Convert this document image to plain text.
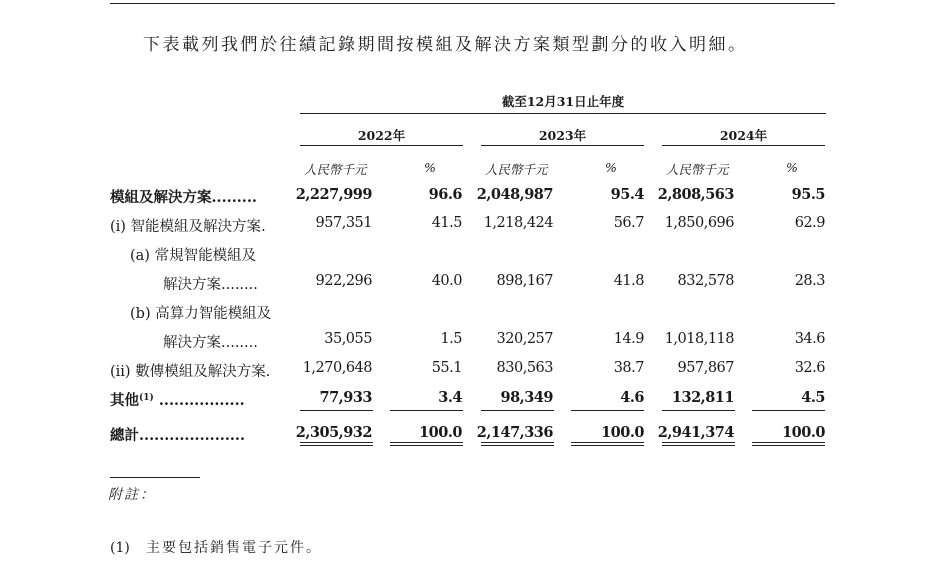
下表載列我們於往績記錄期間按模組及解決方案類型劃分的收入明細。
截至12月31日止年度
2022年	2023年	2024年
人民幣千元	%	人民幣千元	%	人民幣千元	%
模組及解決方案.........	2,227,999	96.6 2,048,987	95.4 2,808,563	95.5
(i) 智能模組及解決方案.	957,351	41.5 1,218,424	56.7 1,850,696	62.9
(a) 常規智能模組及
解決方案........	922,296	40.0 898,167	41.8 832,578	28.3
(b) 高算力智能模組及
解決方案........	35,055	1.5 320,257	14.9 1,018,118	34.6
(ii) 數傳模組及解決方案. 1,270,648	55.1 830,563	38.7 957,867	32.6
其他$^{(1)}$ .................	77,933	3.4	98,349	4.6 132,811	4.5
總計.....................	2,305,932	100.0 2,147,336	100.0 2,941,374	100.0
附註：
(1) 主要包括銷售電子元件。
